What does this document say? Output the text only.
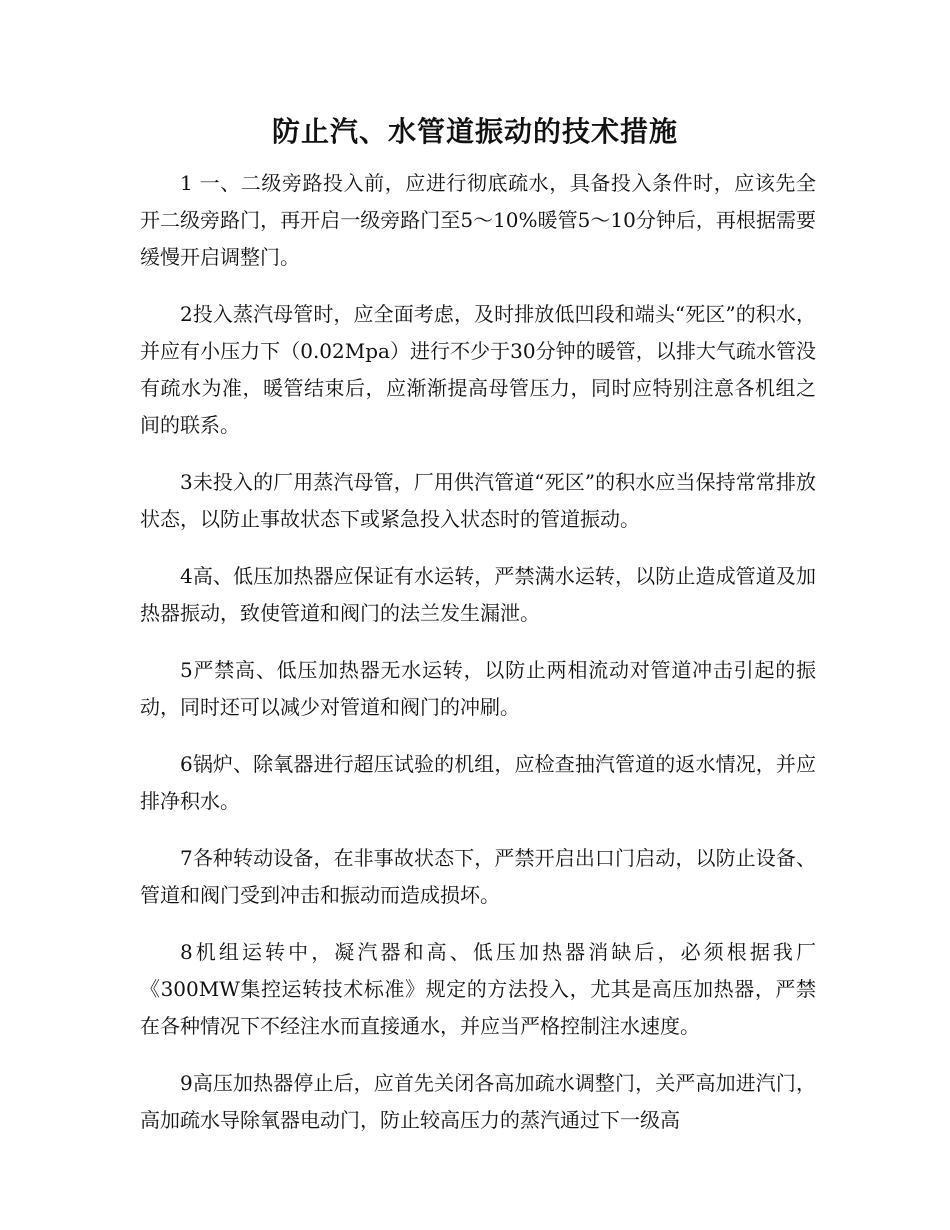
防止汽、水管道振动的技术措施

1 一、二级旁路投入前，应进行彻底疏水，具备投入条件时，应该先全开二级旁路门，再开启一级旁路门至5～10%暖管5～10分钟后，再根据需要缓慢开启调整门。

2投入蒸汽母管时，应全面考虑，及时排放低凹段和端头“死区”的积水，并应有小压力下（0.02Mpa）进行不少于30分钟的暖管，以排大气疏水管没有疏水为准，暖管结束后，应渐渐提高母管压力，同时应特别注意各机组之间的联系。

3未投入的厂用蒸汽母管，厂用供汽管道“死区”的积水应当保持常常排放状态，以防止事故状态下或紧急投入状态时的管道振动。

4高、低压加热器应保证有水运转，严禁满水运转，以防止造成管道及加热器振动，致使管道和阀门的法兰发生漏泄。

5严禁高、低压加热器无水运转，以防止两相流动对管道冲击引起的振动，同时还可以减少对管道和阀门的冲刷。

6锅炉、除氧器进行超压试验的机组，应检查抽汽管道的返水情况，并应排净积水。

7各种转动设备，在非事故状态下，严禁开启出口门启动，以防止设备、管道和阀门受到冲击和振动而造成损坏。

8机组运转中，凝汽器和高、低压加热器消缺后，必须根据我厂《300MW集控运转技术标准》规定的方法投入，尤其是高压加热器，严禁在各种情况下不经注水而直接通水，并应当严格控制注水速度。

9高压加热器停止后，应首先关闭各高加疏水调整门，关严高加进汽门，高加疏水导除氧器电动门，防止较高压力的蒸汽通过下一级高
